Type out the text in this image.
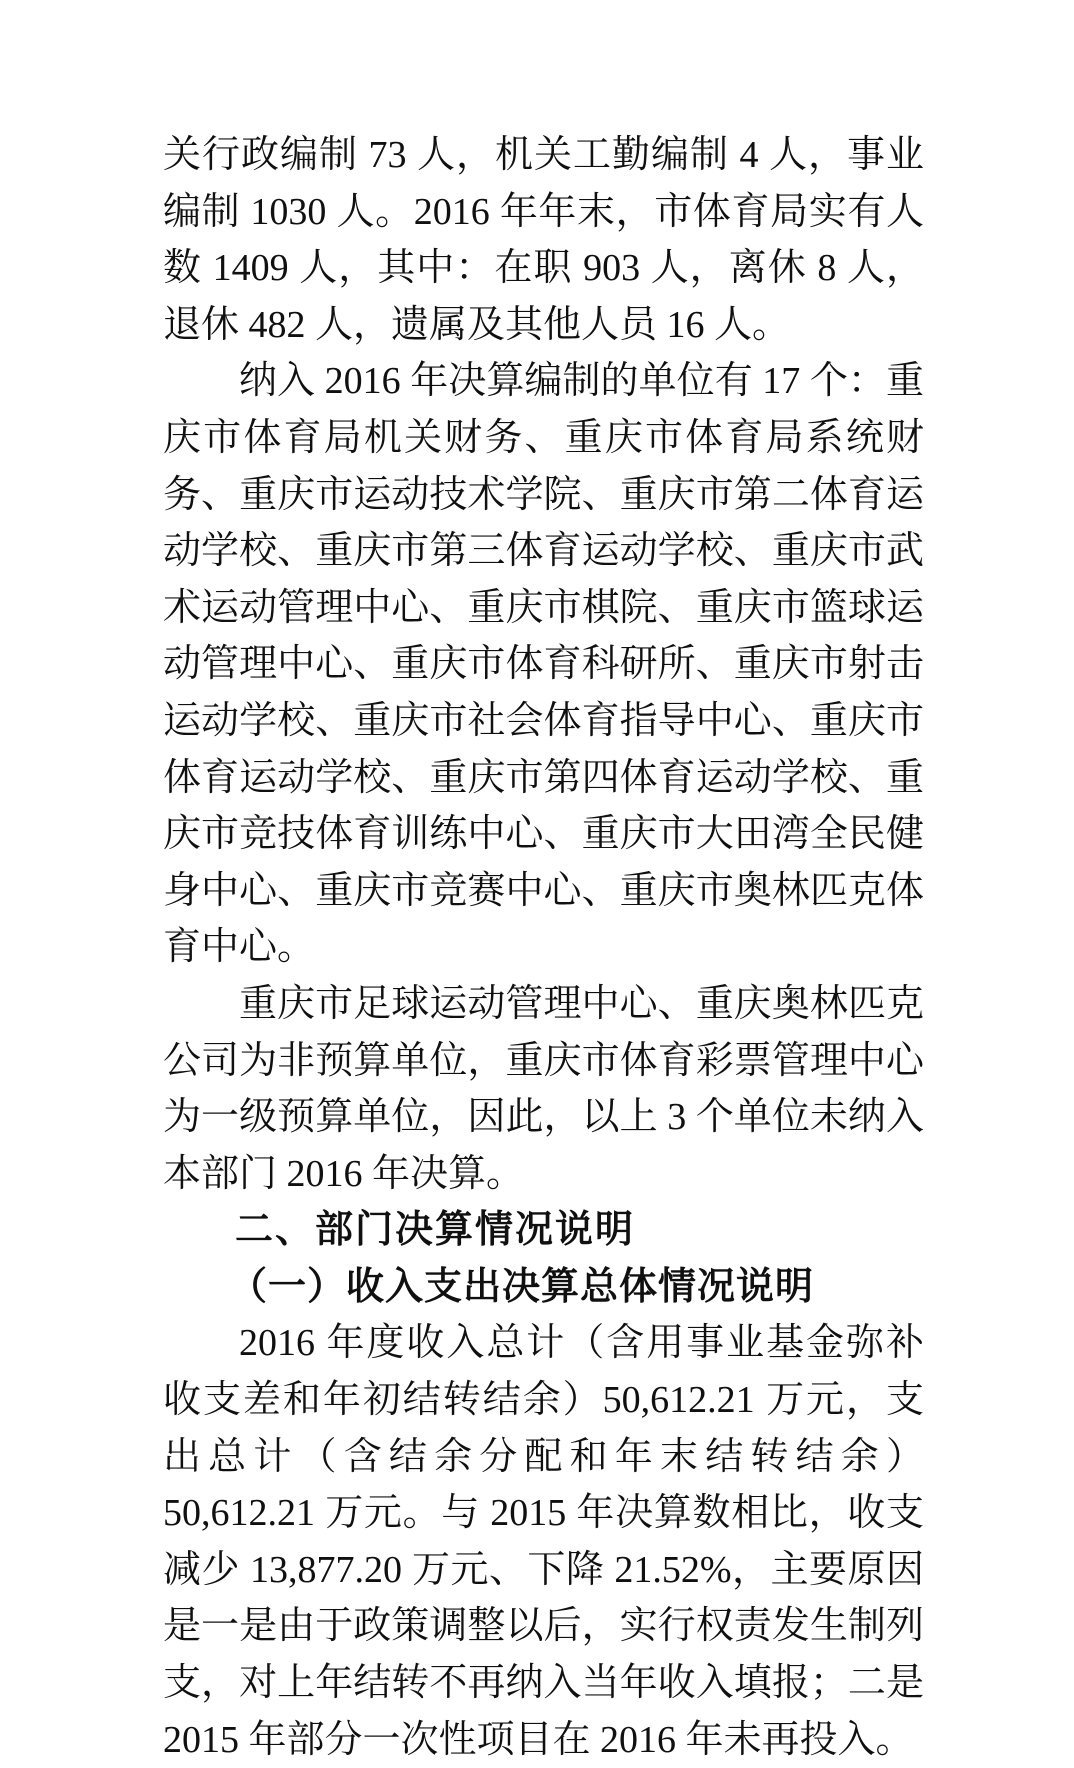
关行政编制 73 人，机关工勤编制 4 人，事业编制 1030 人。2016 年年末，市体育局实有人数 1409 人，其中：在职 903 人，离休 8 人，退休 482 人，遗属及其他人员 16 人。

纳入 2016 年决算编制的单位有 17 个：重庆市体育局机关财务、重庆市体育局系统财务、重庆市运动技术学院、重庆市第二体育运动学校、重庆市第三体育运动学校、重庆市武术运动管理中心、重庆市棋院、重庆市篮球运动管理中心、重庆市体育科研所、重庆市射击运动学校、重庆市社会体育指导中心、重庆市体育运动学校、重庆市第四体育运动学校、重庆市竞技体育训练中心、重庆市大田湾全民健身中心、重庆市竞赛中心、重庆市奥林匹克体育中心。

重庆市足球运动管理中心、重庆奥林匹克公司为非预算单位，重庆市体育彩票管理中心为一级预算单位，因此，以上 3 个单位未纳入本部门 2016 年决算。

二、部门决算情况说明
（一）收入支出决算总体情况说明

2016 年度收入总计（含用事业基金弥补收支差和年初结转结余）50,612.21 万元，支出总计（含结余分配和年末结转结余）50,612.21 万元。与 2015 年决算数相比，收支减少 13,877.20 万元、下降 21.52%，主要原因是一是由于政策调整以后，实行权责发生制列支，对上年结转不再纳入当年收入填报；二是 2015 年部分一次性项目在 2016 年未再投入。
